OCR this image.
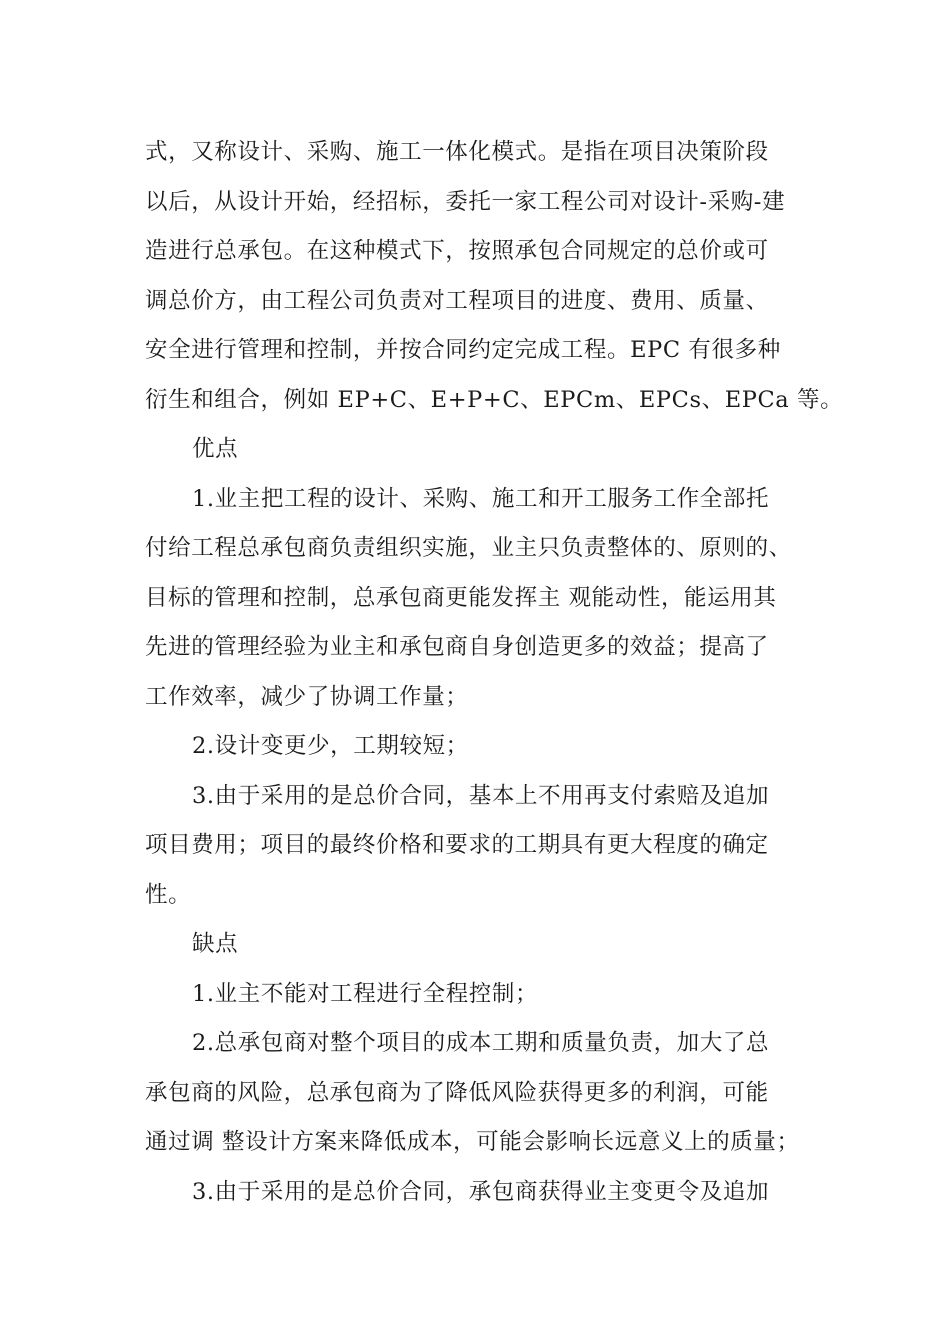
式，又称设计、采购、施工一体化模式。是指在项目决策阶段
以后，从设计开始，经招标，委托一家工程公司对设计-采购-建
造进行总承包。在这种模式下，按照承包合同规定的总价或可
调总价方，由工程公司负责对工程项目的进度、费用、质量、
安全进行管理和控制，并按合同约定完成工程。EPC 有很多种
衍生和组合，例如 EP+C、E+P+C、EPCm、EPCs、EPCa 等。
优点
1.业主把工程的设计、采购、施工和开工服务工作全部托
付给工程总承包商负责组织实施，业主只负责整体的、原则的、
目标的管理和控制，总承包商更能发挥主 观能动性，能运用其
先进的管理经验为业主和承包商自身创造更多的效益；提高了
工作效率，减少了协调工作量；
2.设计变更少，工期较短；
3.由于采用的是总价合同，基本上不用再支付索赔及追加
项目费用；项目的最终价格和要求的工期具有更大程度的确定
性。
缺点
1.业主不能对工程进行全程控制；
2.总承包商对整个项目的成本工期和质量负责，加大了总
承包商的风险，总承包商为了降低风险获得更多的利润，可能
通过调 整设计方案来降低成本，可能会影响长远意义上的质量；
3.由于采用的是总价合同，承包商获得业主变更令及追加
